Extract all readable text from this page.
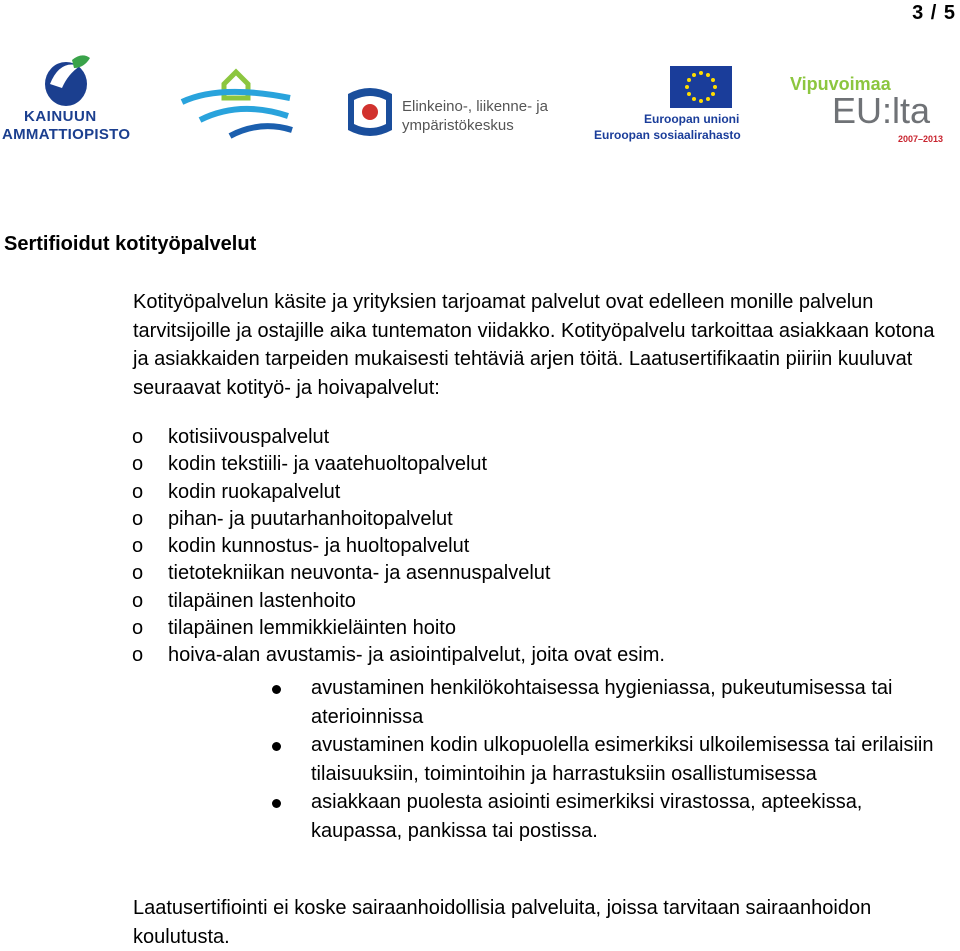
3 / 5
KAINUUN
AMMATTIOPISTO
Elinkeino-, liikenne- ja
ympäristökeskus	Euroopan unioni
Euroopan sosiaalirahasto
Vipuvoimaa
EU:lta
2007–2013
Sertifioidut kotityöpalvelut

Kotityöpalvelun käsite ja yrityksien tarjoamat palvelut ovat edelleen monille palvelun tarvitsijoille ja ostajille aika tuntematon viidakko. Kotityöpalvelu tarkoittaa asiakkaan kotona ja asiakkaiden tarpeiden mukaisesti tehtäviä arjen töitä. Laatusertifikaatin piiriin kuuluvat seuraavat kotityö- ja hoivapalvelut:

o kotisiivouspalvelut
o kodin tekstiili- ja vaatehuoltopalvelut
o kodin ruokapalvelut
o pihan- ja puutarhanhoitopalvelut
o kodin kunnostus- ja huoltopalvelut
o tietotekniikan neuvonta- ja asennuspalvelut
o tilapäinen lastenhoito
o tilapäinen lemmikkieläinten hoito
o hoiva-alan avustamis- ja asiointipalvelut, joita ovat esim.
avustaminen henkilökohtaisessa hygieniassa, pukeutumisessa tai aterioinnissa
avustaminen kodin ulkopuolella esimerkiksi ulkoilemisessa tai erilaisiin tilaisuuksiin, toimintoihin ja harrastuksiin osallistumisessa
asiakkaan puolesta asiointi esimerkiksi virastossa, apteekissa, kaupassa, pankissa tai postissa.

Laatusertifiointi ei koske sairaanhoidollisia palveluita, joissa tarvitaan sairaanhoidon koulutusta.
